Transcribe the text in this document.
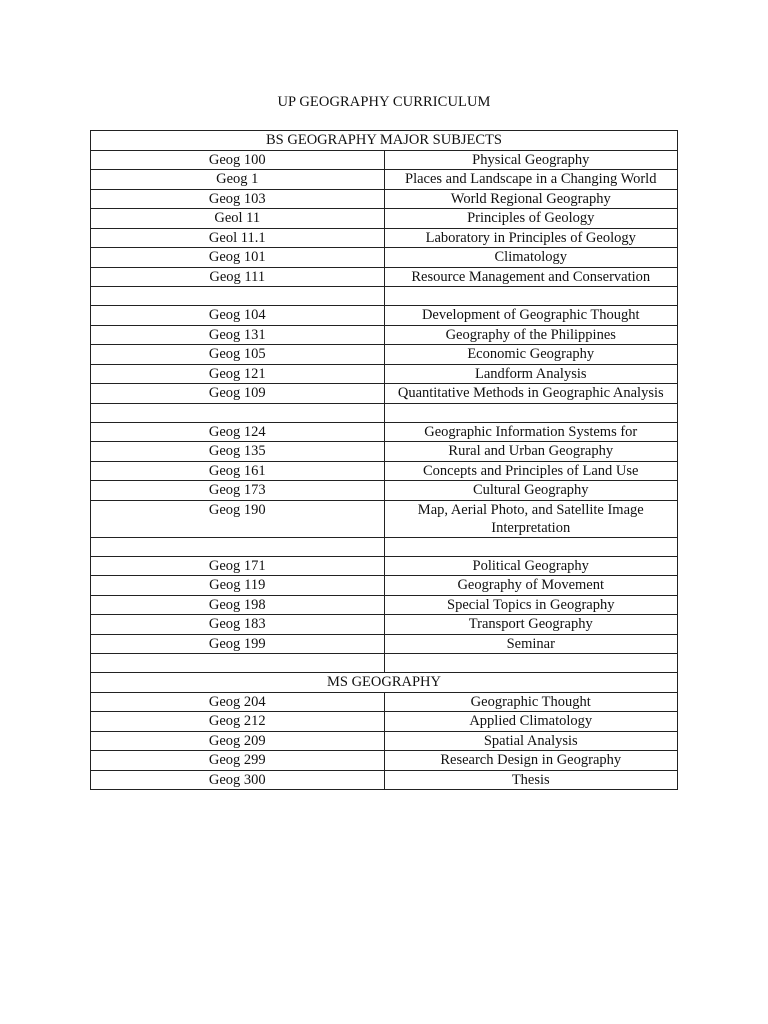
UP GEOGRAPHY CURRICULUM
BS GEOGRAPHY MAJOR SUBJECTS	
Geog 100	Physical Geography
Geog 1	Places and Landscape in a Changing World
Geog 103	World Regional Geography
Geol 11	Principles of Geology
Geol 11.1	Laboratory in Principles of Geology
Geog 101	Climatology
Geog 111	Resource Management and Conservation

Geog 104	Development of Geographic Thought
Geog 131	Geography of the Philippines
Geog 105	Economic Geography
Geog 121	Landform Analysis
Geog 109	Quantitative Methods in Geographic Analysis

Geog 124	Geographic Information Systems for
Geog 135	Rural and Urban Geography
Geog 161	Concepts and Principles of Land Use
Geog 173	Cultural Geography
Geog 190	Map, Aerial Photo, and Satellite Image Interpretation

Geog 171	Political Geography
Geog 119	Geography of Movement
Geog 198	Special Topics in Geography
Geog 183	Transport Geography
Geog 199	Seminar

MS GEOGRAPHY	
Geog 204	Geographic Thought
Geog 212	Applied Climatology
Geog 209	Spatial Analysis
Geog 299	Research Design in Geography
Geog 300	Thesis
